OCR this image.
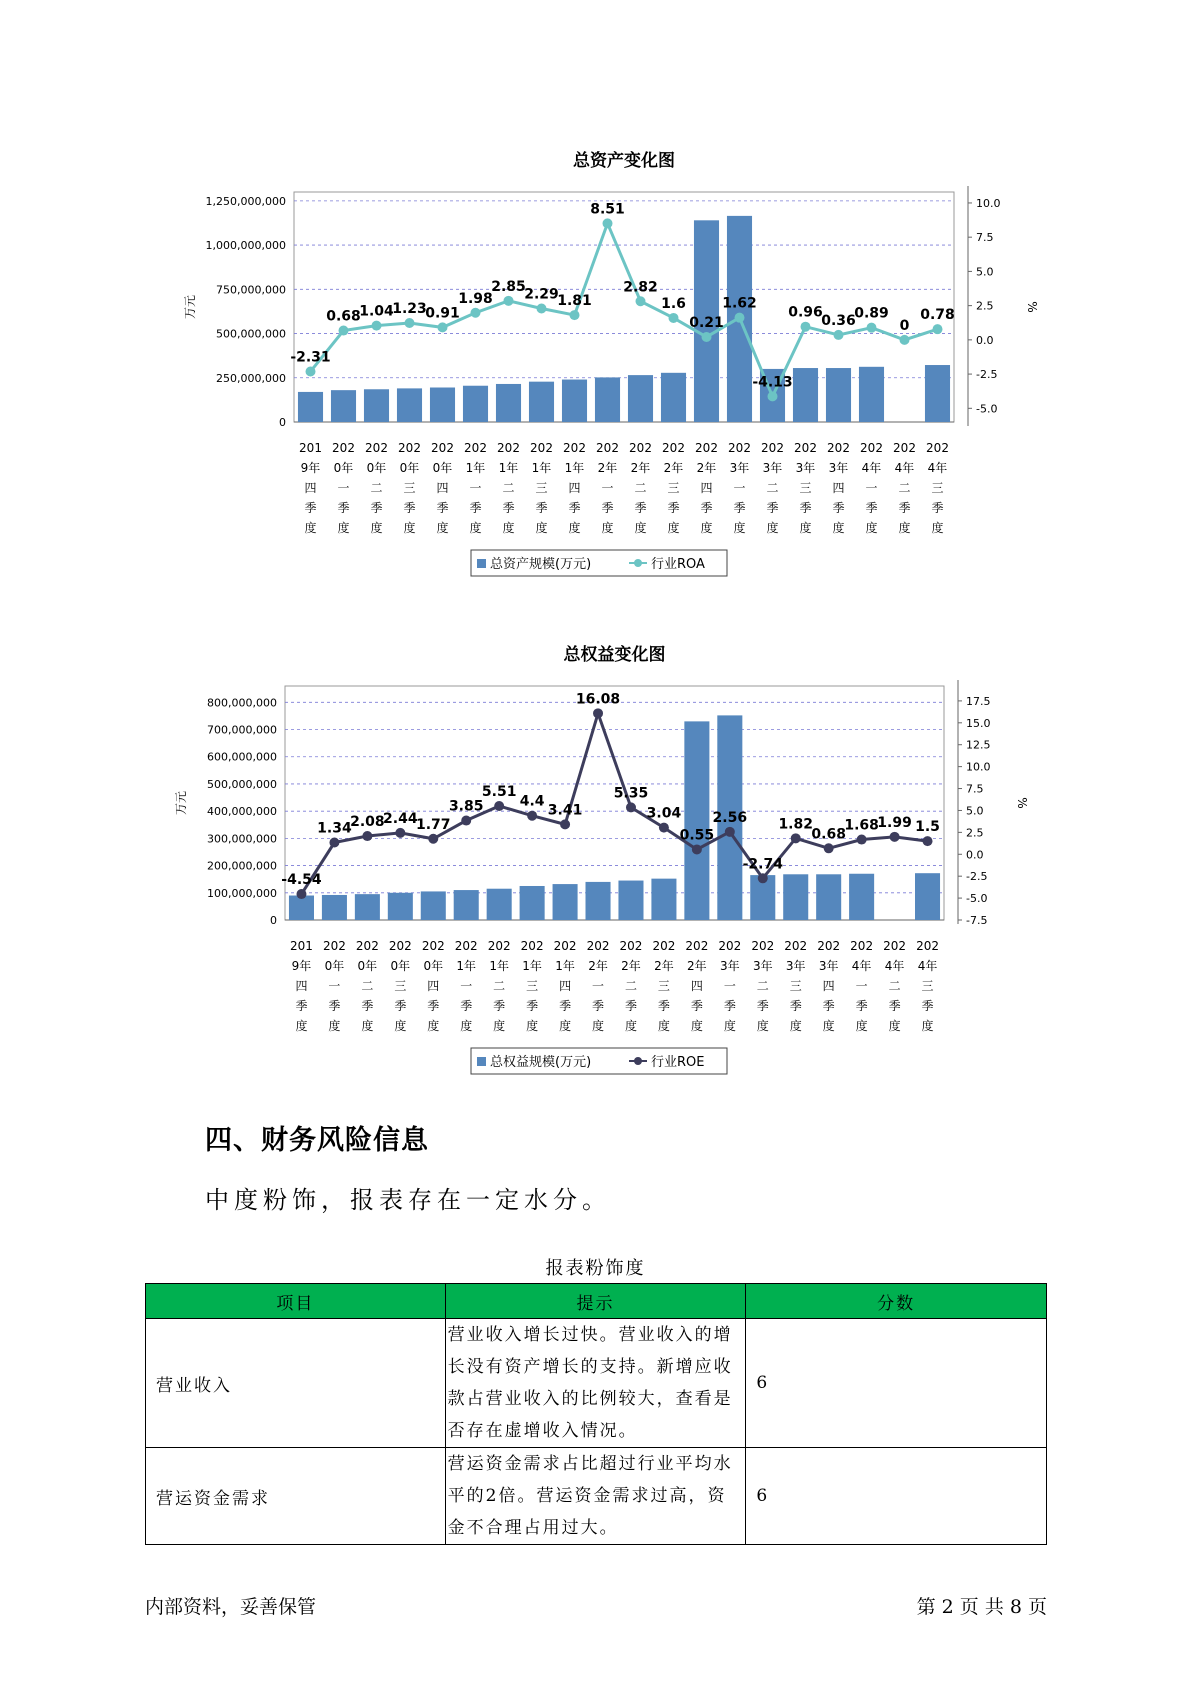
总资产变化图
0
250,000,000
500,000,000
750,000,000
1,000,000,000
1,250,000,000
万元
-5.0
-2.5
0.0
2.5
5.0
7.5
10.0
%
-2.31
0.68
1.04
1.23
0.91
1.98
2.85
2.29
1.81
8.51
2.82
1.6
0.21
1.62
-4.13
0.96
0.36
0.89
0
0.78
201
9年
四
季
度
202
0年
一
季
度
202
0年
二
季
度
202
0年
三
季
度
202
0年
四
季
度
202
1年
一
季
度
202
1年
二
季
度
202
1年
三
季
度
202
1年
四
季
度
202
2年
一
季
度
202
2年
二
季
度
202
2年
三
季
度
202
2年
四
季
度
202
3年
一
季
度
202
3年
二
季
度
202
3年
三
季
度
202
3年
四
季
度
202
4年
一
季
度
202
4年
二
季
度
202
4年
三
季
度
总资产规模(万元)	行业ROA
总权益变化图
0
100,000,000
200,000,000
300,000,000
400,000,000
500,000,000
600,000,000
700,000,000
800,000,000
万元
-7.5
-5.0
-2.5
0.0
2.5
5.0
7.5
10.0
12.5
15.0
17.5
%
-4.54
1.34
2.08
2.44
1.77
3.85
5.51
4.4
3.41
16.08
5.35
3.04
0.55
2.56
-2.74
1.82
0.68
1.68
1.99 1.5
201
9年
四
季
度
202
0年
一
季
度
202
0年
二
季
度
202
0年
三
季
度
202
0年
四
季
度
202
1年
一
季
度
202
1年
二
季
度
202
1年
三
季
度
202
1年
四
季
度
202
2年
一
季
度
202
2年
二
季
度
202
2年
三
季
度
202
2年
四
季
度
202
3年
一
季
度
202
3年
二
季
度
202
3年
三
季
度
202
3年
四
季
度
202
4年
一
季
度
202
4年
二
季
度
202
4年
三
季
度
总权益规模(万元)	行业ROE
四、财务风险信息
中度粉饰，报表存在一定水分。
报表粉饰度
项目	提示	分数
营业收入	营业收入增长过快。营业收入的增长没有资产增长的支持。新增应收款占营业收入的比例较大，查看是否存在虚增收入情况。	6
营运资金需求	营运资金需求占比超过行业平均水平的2倍。营运资金需求过高，资金不合理占用过大。	6
内部资料，妥善保管	第 2 页 共 8 页
